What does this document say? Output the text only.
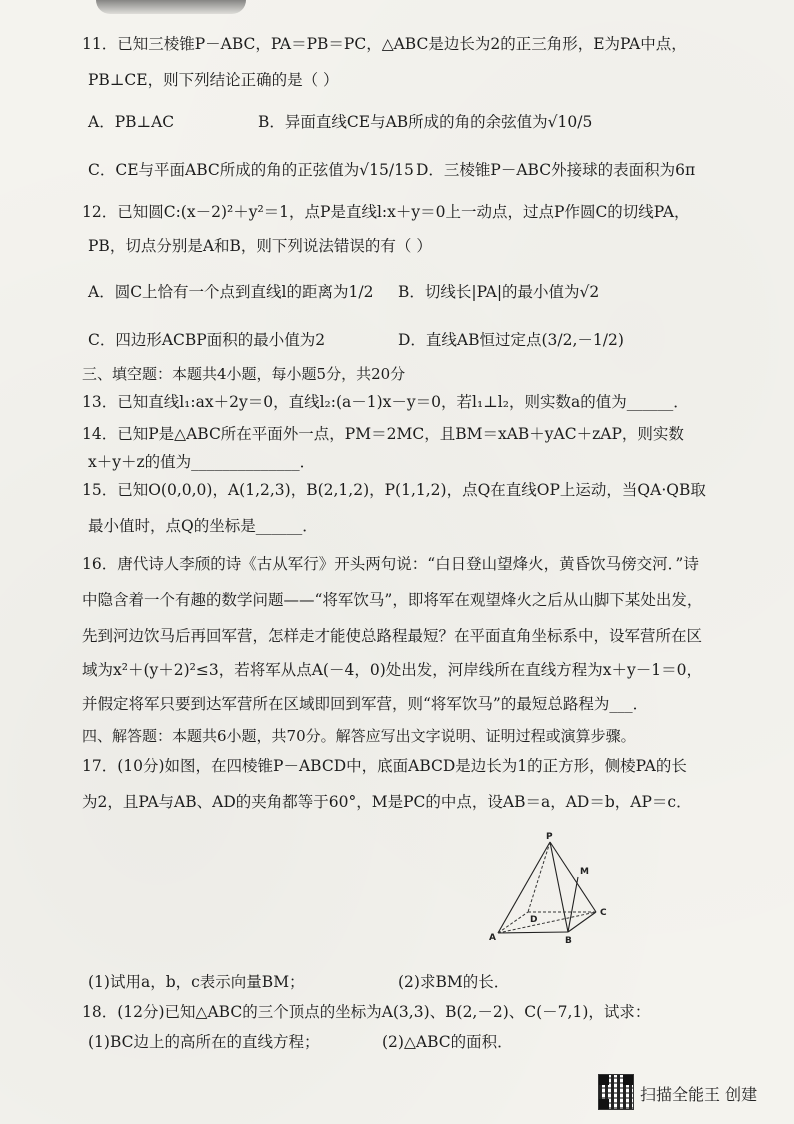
11．已知三棱锥P－ABC，PA＝PB＝PC，△ABC是边长为2的正三角形，E为PA中点，
PB⊥CE，则下列结论正确的是（ ）
A．PB⊥AC	B．异面直线CE与AB所成的角的余弦值为√10/5
C．CE与平面ABC所成的角的正弦值为√15/15 D．三棱锥P－ABC外接球的表面积为6π
12．已知圆C:(x－2)²＋y²＝1，点P是直线l:x＋y＝0上一动点，过点P作圆C的切线PA，
PB，切点分别是A和B，则下列说法错误的有（ ）
A．圆C上恰有一个点到直线l的距离为1/2 B．切线长|PA|的最小值为√2
C．四边形ACBP面积的最小值为2	D．直线AB恒过定点(3/2,－1/2)
三、填空题：本题共4小题，每小题5分，共20分
13．已知直线l₁:ax＋2y＝0，直线l₂:(a－1)x－y＝0，若l₁⊥l₂，则实数a的值为______．
14．已知P是△ABC所在平面外一点，PM＝2MC，且BM＝xAB＋yAC＋zAP，则实数
x＋y＋z的值为______________．
15．已知O(0,0,0)，A(1,2,3)，B(2,1,2)，P(1,1,2)，点Q在直线OP上运动，当QA·QB取
最小值时，点Q的坐标是______．
16．唐代诗人李颀的诗《古从军行》开头两句说：“白日登山望烽火，黄昏饮马傍交河．”诗
中隐含着一个有趣的数学问题——“将军饮马”，即将军在观望烽火之后从山脚下某处出发，
先到河边饮马后再回军营，怎样走才能使总路程最短？在平面直角坐标系中，设军营所在区
域为x²＋(y＋2)²≤3，若将军从点A(－4，0)处出发，河岸线所在直线方程为x＋y－1＝0，
并假定将军只要到达军营所在区域即回到军营，则“将军饮马”的最短总路程为___．
四、解答题：本题共6小题，共70分。解答应写出文字说明、证明过程或演算步骤。
17．(10分)如图，在四棱锥P－ABCD中，底面ABCD是边长为1的正方形，侧棱PA的长
为2，且PA与AB、AD的夹角都等于60°，M是PC的中点，设AB＝a，AD＝b，AP＝c．
P
M
D
C
A	B
(1)试用a，b，c表示向量BM；	(2)求BM的长．
18．(12分)已知△ABC的三个顶点的坐标为A(3,3)、B(2,－2)、C(－7,1)，试求：
(1)BC边上的高所在的直线方程；	(2)△ABC的面积．
扫描全能王 创建
